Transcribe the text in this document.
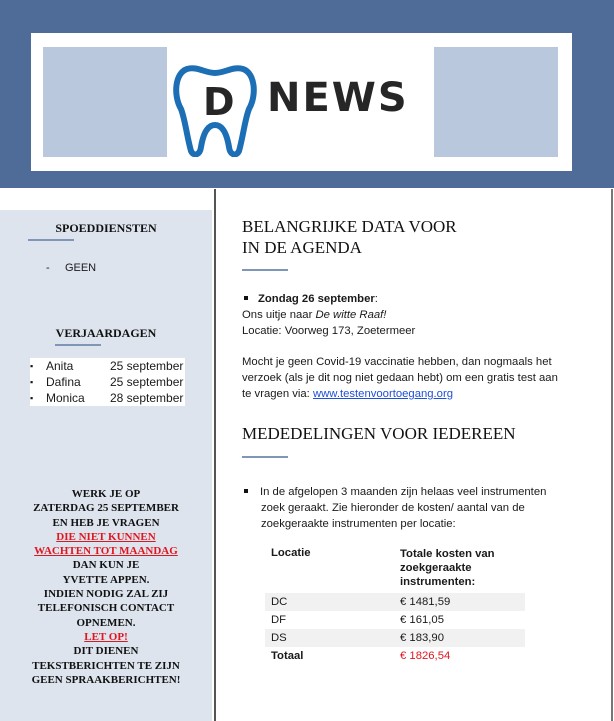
D NEWS
SPOEDDIENSTEN
-     GEEN
VERJAARDAGEN
▪ Anita	25 september
▪ Dafina 25 september
▪ Monica 28 september
WERK JE OP
ZATERDAG 25 SEPTEMBER
EN HEB JE VRAGEN
DIE NIET KUNNEN
WACHTEN TOT MAANDAG
DAN KUN JE
YVETTE APPEN.
INDIEN NODIG ZAL ZIJ
TELEFONISCH CONTACT
OPNEMEN.
LET OP!
DIT DIENEN
TEKSTBERICHTEN TE ZIJN
GEEN SPRAAKBERICHTEN!
BELANGRIJKE DATA VOOR
IN DE AGENDA
Zondag 26 september:
Ons uitje naar De witte Raaf!
Locatie: Voorweg 173, Zoetermeer
Mocht je geen Covid-19 vaccinatie hebben, dan nogmaals het
verzoek (als je dit nog niet gedaan hebt) om een gratis test aan
te vragen via: www.testenvoortoegang.org
MEDEDELINGEN VOOR IEDEREEN
In de afgelopen 3 maanden zijn helaas veel instrumenten
zoek geraakt. Zie hieronder de kosten/ aantal van de
zoekgeraakte instrumenten per locatie:
Locatie	Totale kosten van
zoekgeraakte
instrumenten:
DC	€ 1481,59
DF	€ 161,05
DS	€ 183,90
Totaal	€ 1826,54
